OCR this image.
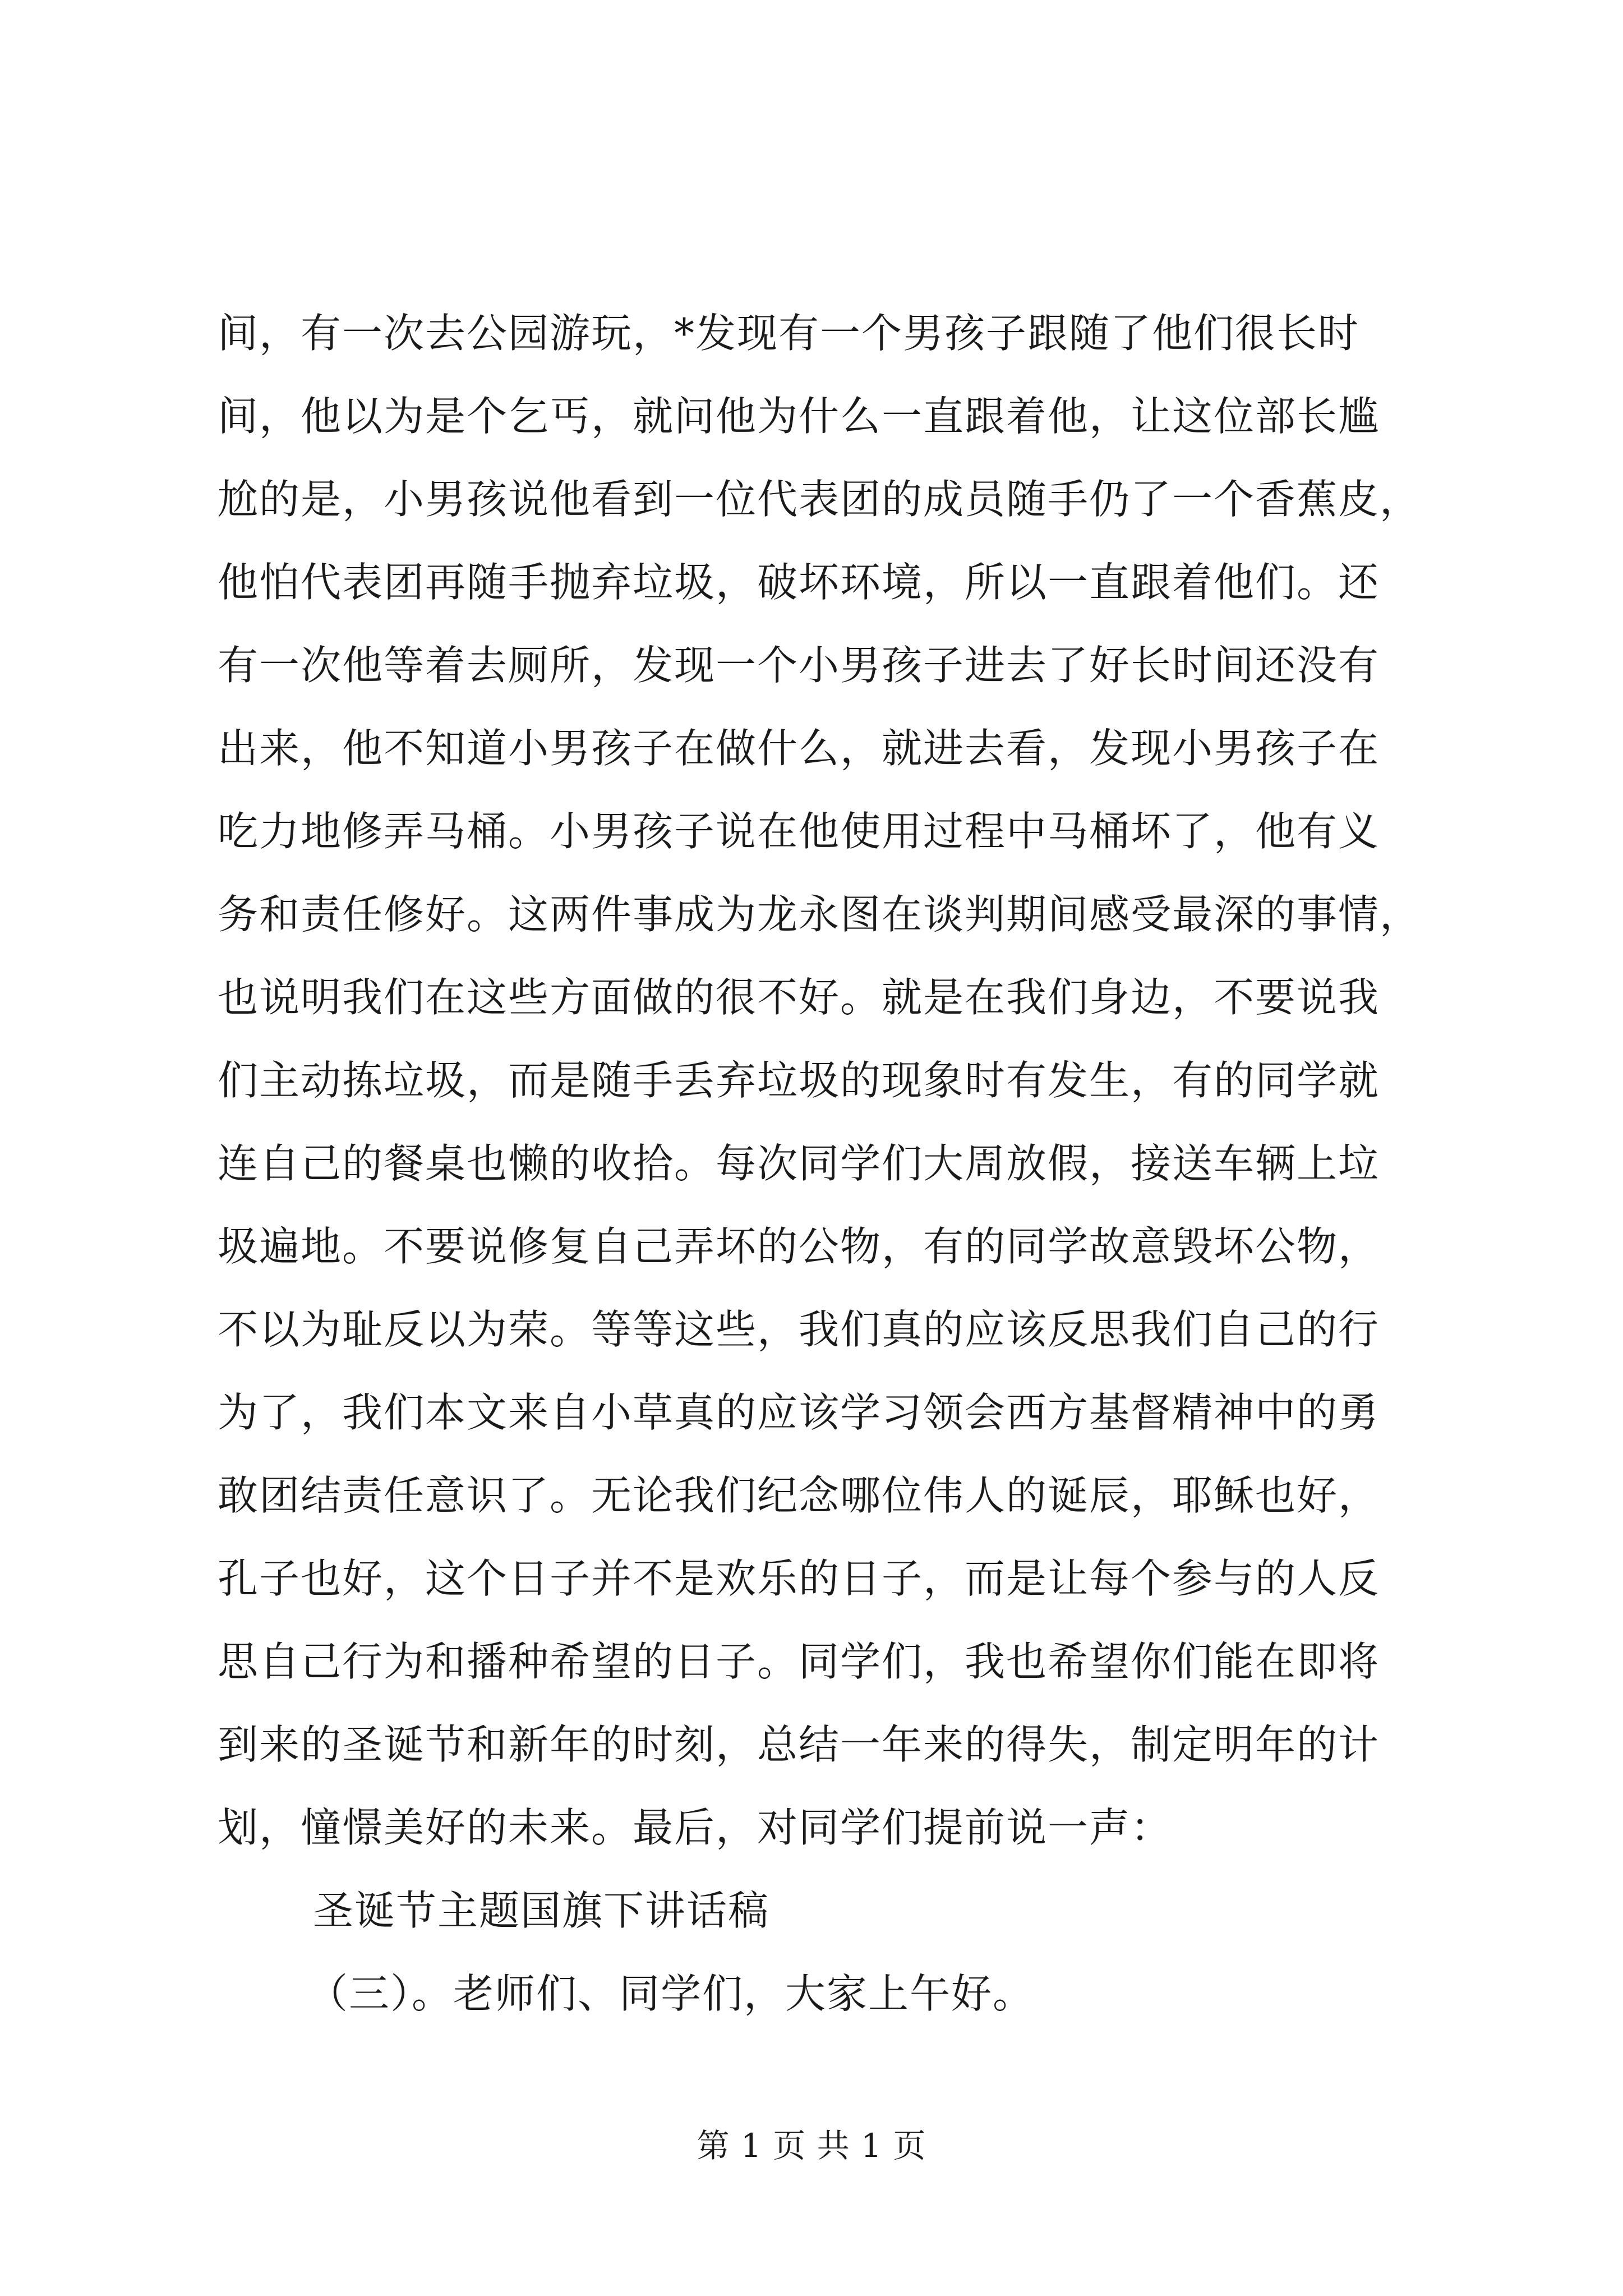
间，有一次去公园游玩，*发现有一个男孩子跟随了他们很长时
间，他以为是个乞丐，就问他为什么一直跟着他，让这位部长尴
尬的是，小男孩说他看到一位代表团的成员随手仍了一个香蕉皮，
他怕代表团再随手抛弃垃圾，破坏环境，所以一直跟着他们。还
有一次他等着去厕所，发现一个小男孩子进去了好长时间还没有
出来，他不知道小男孩子在做什么，就进去看，发现小男孩子在
吃力地修弄马桶。小男孩子说在他使用过程中马桶坏了，他有义
务和责任修好。这两件事成为龙永图在谈判期间感受最深的事情，
也说明我们在这些方面做的很不好。就是在我们身边，不要说我
们主动拣垃圾，而是随手丢弃垃圾的现象时有发生，有的同学就
连自己的餐桌也懒的收拾。每次同学们大周放假，接送车辆上垃
圾遍地。不要说修复自己弄坏的公物，有的同学故意毁坏公物，
不以为耻反以为荣。等等这些，我们真的应该反思我们自己的行
为了，我们本文来自小草真的应该学习领会西方基督精神中的勇
敢团结责任意识了。无论我们纪念哪位伟人的诞辰，耶稣也好，
孔子也好，这个日子并不是欢乐的日子，而是让每个参与的人反
思自己行为和播种希望的日子。同学们，我也希望你们能在即将
到来的圣诞节和新年的时刻，总结一年来的得失，制定明年的计
划，憧憬美好的未来。最后，对同学们提前说一声：
圣诞节主题国旗下讲话稿
（三）。老师们、同学们，大家上午好。
第 1 页 共 1 页
